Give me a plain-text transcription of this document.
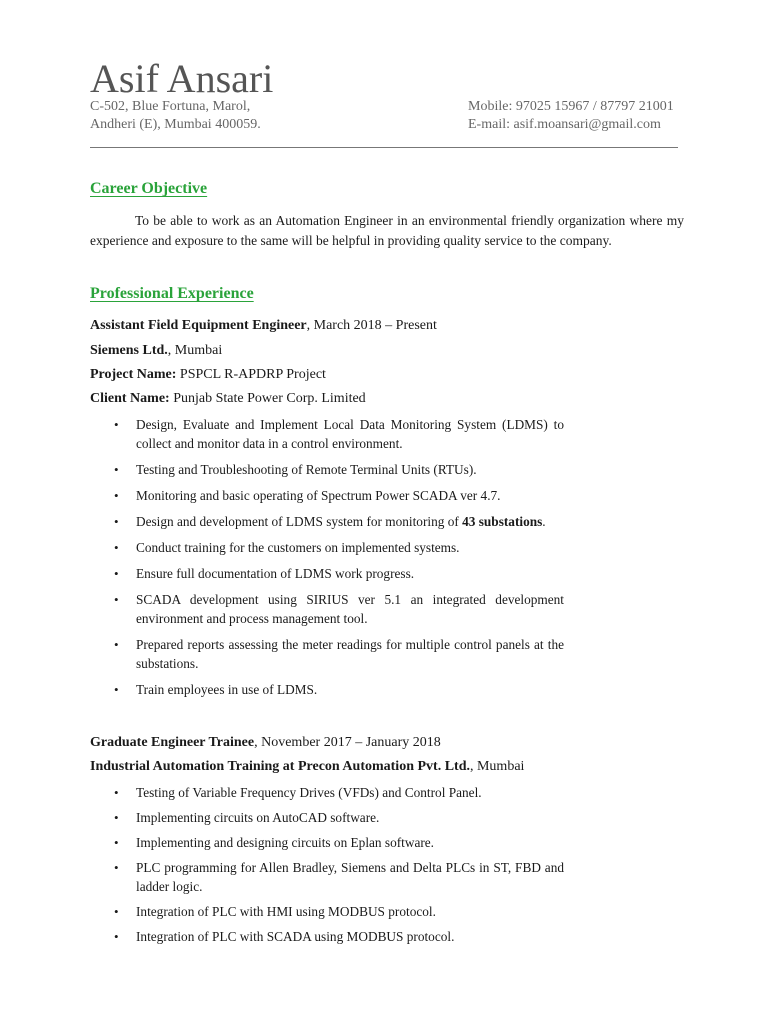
Asif Ansari
C-502, Blue Fortuna, Marol,
Andheri (E), Mumbai 400059.
Mobile: 97025 15967 / 87797 21001
E-mail: asif.moansari@gmail.com
Career Objective
To be able to work as an Automation Engineer in an environmental friendly organization where my experience and exposure to the same will be helpful in providing quality service to the company.
Professional Experience
Assistant Field Equipment Engineer, March 2018 – Present
Siemens Ltd., Mumbai
Project Name: PSPCL R-APDRP Project
Client Name: Punjab State Power Corp. Limited
• Design, Evaluate and Implement Local Data Monitoring System (LDMS) to collect and monitor data in a control environment.
• Testing and Troubleshooting of Remote Terminal Units (RTUs).
• Monitoring and basic operating of Spectrum Power SCADA ver 4.7.
• Design and development of LDMS system for monitoring of 43 substations.
• Conduct training for the customers on implemented systems.
• Ensure full documentation of LDMS work progress.
• SCADA development using SIRIUS ver 5.1 an integrated development environment and process management tool.
• Prepared reports assessing the meter readings for multiple control panels at the substations.
• Train employees in use of LDMS.
Graduate Engineer Trainee, November 2017 – January 2018
Industrial Automation Training at Precon Automation Pvt. Ltd., Mumbai
• Testing of Variable Frequency Drives (VFDs) and Control Panel.
• Implementing circuits on AutoCAD software.
• Implementing and designing circuits on Eplan software.
• PLC programming for Allen Bradley, Siemens and Delta PLCs in ST, FBD and ladder logic.
• Integration of PLC with HMI using MODBUS protocol.
• Integration of PLC with SCADA using MODBUS protocol.
